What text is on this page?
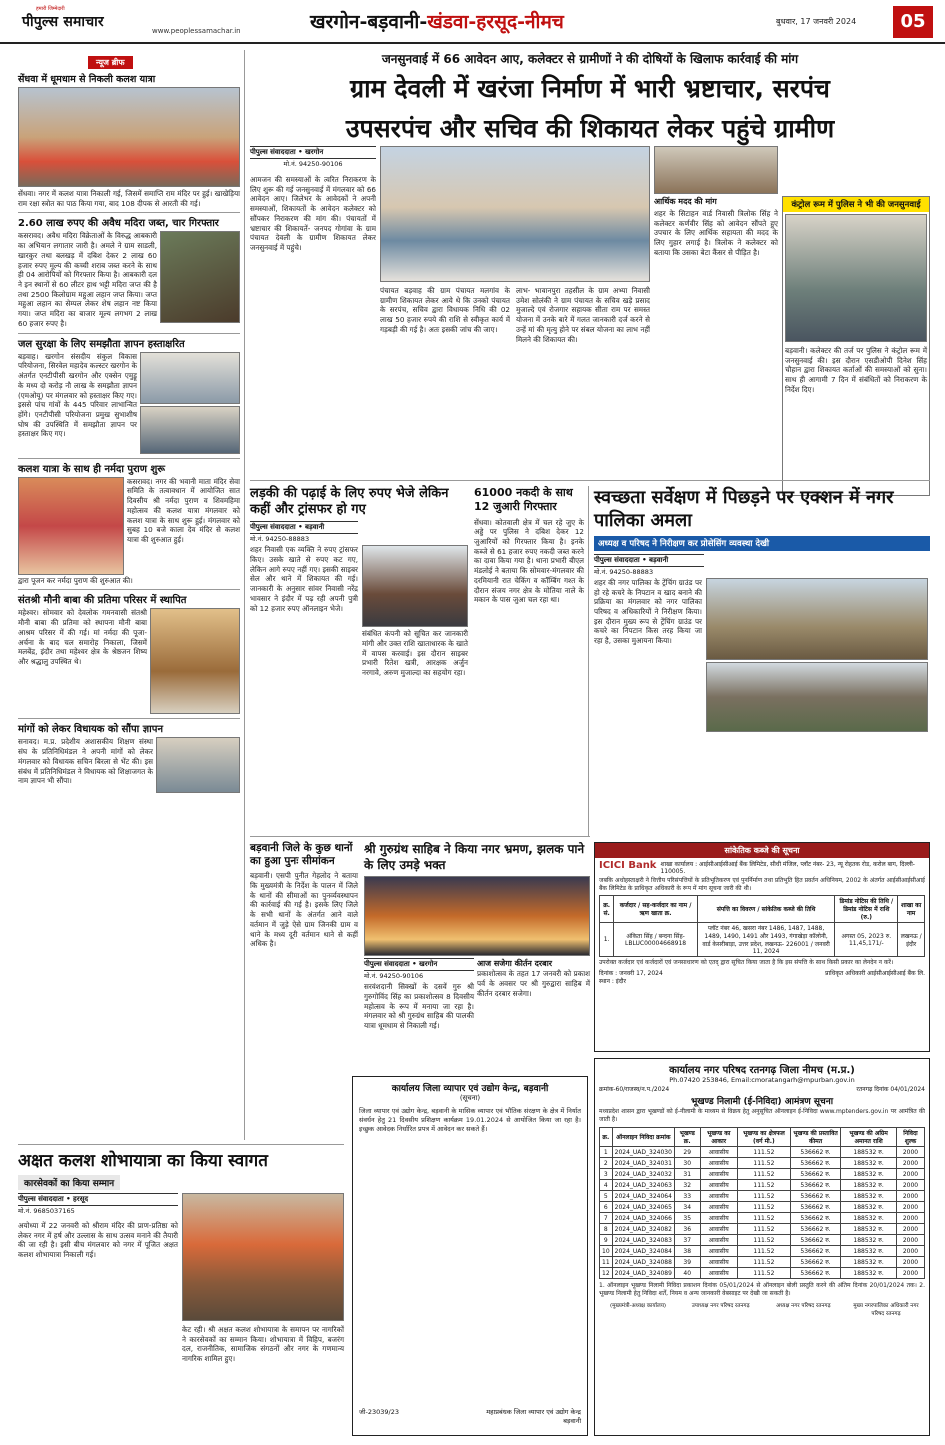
हमारी जिम्मेदारी
पीपुल्स समाचार
www.peoplessamachar.in	खरगोन-बड़वानी-खंडवा-हरसूद-नीमच	बुधवार, 17 जनवरी 2024	05
न्यूज ब्रीफ
सेंधवा में धूमधाम से निकली कलश यात्रा
सेंधवा। नगर में कलश यात्रा निकाली गई, जिसमें समाप्ति राम मंदिर पर हुई। खाखेड़िया राम रक्षा स्त्रोत का पाठ किया गया, बाद 108 दीपक से आरती की गई।
2.60 लाख रुपए की अवैध मदिरा जब्त, चार गिरफ्तार
कसरावद। अवैध मदिरा विक्रेताओं के विरुद्ध आबकारी का अभियान लगातार जारी है। अमले ने ग्राम साडली, खारकुर तथा बलखड़ में दबिश देकर 2 लाख 60 हजार रुपए मूल्य की कच्ची शराब जब्त करने के साथ ही 04 आरोपियों को गिरफ्तार किया है। आबकारी दल ने इन स्थानों से 60 लीटर हाथ भट्टी मदिरा जप्त की है तथा 2500 किलोग्राम महुआ लहान जप्त किया। जप्त महुआ लहान का सेम्पल लेकर शेष लहान नष्ट किया गया। जप्त मदिरा का बाजार मूल्य लगभग 2 लाख 60 हजार रुपए है।
जल सुरक्षा के लिए समझौता ज्ञापन हस्ताक्षरित
बड़वाह। खरगोन संसदीय संकुल विकास परियोजना, सिरवेल महादेव कल्स्टर खरगोन के अंतर्गत एनटीपीसी खरगोन और एक्सेन एमुड्रू के मध्य दो करोड़ नौ लाख के समझौता ज्ञापन (एमओयू) पर मंगलवार को हस्ताक्षर किए गए। इससे पांच गांवों के 445 परिवार लाभान्वित होंगे। एनटीपीसी परियोजना प्रमुख सुभाशीष घोष की उपस्थिति में समझौता ज्ञापन पर हस्ताक्षर किए गए।
कलश यात्रा के साथ ही नर्मदा पुराण शुरू
कसरावद। नगर की भवानी माता मंदिर सेवा समिति के तत्वावधान में आयोजित सात दिवसीय श्री नर्मदा पुराण व शिवमहिमा महोत्सव की कलश यात्रा मंगलवार को कलश यात्रा के साथ शुरू हुई। मंगलवार को सुबह 10 बजे काला देव मंदिर से कलश यात्रा की शुरुआत हुई।
द्वारा पूजन कर नर्मदा पुराण की शुरुआत की।
संतश्री मौनी बाबा की प्रतिमा परिसर में स्थापित
महेश्वर। सोमवार को देवलोक गमनवासी संतश्री मौनी बाबा की प्रतिमा को स्थापना मौनी बाबा आश्रम परिसर में की गई। मां नर्मदा की पूजा-अर्चना के बाद चल समारोह निकाला, जिसमें मलबेंद्र, इंदौर तथा महेश्वर क्षेत्र के श्रेष्ठजन शिष्य और श्रद्धालु उपस्थित थे।
मांगों को लेकर विधायक को सौंपा ज्ञापन
सनावद। म.प्र. प्रदेशीय अशासकीय शिक्षण संस्था संघ के प्रतिनिधिमंडल ने अपनी मांगों को लेकर मंगलवार को विधायक सचिन बिरला से भेंट की। इस संबंध में प्रतिनिधिमंडल ने विधायक को शिक्षाजगत के नाम ज्ञापन भी सौंपा।
जनसुनवाई में 66 आवेदन आए, कलेक्टर से ग्रामीणों ने की दोषियों के खिलाफ कार्रवाई की मांग
ग्राम देवली में खरंजा निर्माण में भारी भ्रष्टाचार, सरपंच
उपसरपंच और सचिव की शिकायत लेकर पहुंचे ग्रामीण
पीपुल्स संवाददाता • खरगोन
मो.नं. 94250-90106
आमजन की समस्याओं के त्वरित निराकरण के लिए शुरू की गई जनसुनवाई में मंगलवार को 66 आवेदन आए। जिलेभर के आवेदकों ने अपनी समस्याओं, शिकायतों के आवेदन कलेक्टर को सौंपकर निराकरण की मांग की। पंचायतों में भ्रष्टाचार की शिकायतें- जनपद गोगांवा के ग्राम पंचायत देवली के ग्रामीण शिकायत लेकर जनसुनवाई में पहुंचे।
पंचायत बड़वाह की ग्राम पंचायत मलगांव के ग्रामीण शिकायत लेकर आये थे कि उनको पंचायत के सरपंच, सचिव द्वारा विधायक निधि की 02 लाख 50 हजार रुपये की राशि से स्वीकृत कार्य में गड़बड़ी की गई है। अतः इसकी जांच की जाए।
लाभ- भावानपुरा तहसील के ग्राम अभ्या निवासी उमेश सोलंकी ने ग्राम पंचायत के सचिव खड़े प्रसाद मुजाल्दे एवं रोजगार सहायक सीता राम पर समस्त योजना में उनके बारे में गलत जानकारी दर्ज करने से उन्हें मां की मृत्यु होने पर संबल योजना का लाभ नहीं मिलने की शिकायत की।
आर्थिक मदद की मांग
शहर के सिटाहन वार्ड निवासी त्रिलोक सिंह ने कलेक्टर कर्णवीर सिंह को आवेदन सौंपते हुए उपचार के लिए आर्थिक सहायता की मदद के लिए गुहार लगाई है। त्रिलोक ने कलेक्टर को बताया कि उसका बेटा कैंसर से पीड़ित है।
कंट्रोल रूम में पुलिस ने भी की जनसुनवाई
बड़वानी। कलेक्टर की तर्ज पर पुलिस ने कंट्रोल रूम में जनसुनवाई की। इस दौरान एसडीओपी दिनेश सिंह चौहान द्वारा शिकायत कर्ताओं की समस्याओं को सुना। साथ ही आगामी 7 दिन में संबंधितों को निराकरण के निर्देश दिए।
लड़की की पढ़ाई के लिए रुपए भेजे लेकिन कहीं और ट्रांसफर हो गए
पीपुल्स संवाददाता • बड़वानी
मो.नं. 94250-88883
शहर निवासी एक व्यक्ति ने रुपए ट्रांसफर किए। उसके खाते से रुपए कट गए, लेकिन आगे रुपए नहीं गए। इसकी साइबर सेल और थाने में शिकायत की गई। जानकारी के अनुसार सांवर निवासी नरेंद्र भावसार ने इंदौर में पढ़ रही अपनी पुत्री को 12 हजार रुपए ऑनलाइन भेजे।
संबंधित कंपनी को सूचित कर जानकारी मांगी और उक्त राशि खाताधारक के खाते में वापस करवाई। इस दौरान साइबर प्रभारी रितेश खत्री, आरक्षक अर्जुन नरगावे, अरुण मुजाल्दा का सहयोग रहा।
61000 नकदी के साथ 12 जुआरी गिरफ्तार
सेंधवा। कोतवाली क्षेत्र में चल रहे जुए के अड्डे पर पुलिस ने दबिश देकर 12 जुआरियों को गिरफ्तार किया है। इनके कब्जे से 61 हजार रुपए नकदी जब्त करने का दावा किया गया है। थाना प्रभारी बीएल मंडलोई ने बताया कि सोमवार-मंगलवार की दरमियानी रात चेकिंग व कॉम्बिंग गश्त के दौरान संजय नगर क्षेत्र के मोतिया नाले के मकान के पास जुआ चल रहा था।
स्वच्छता सर्वेक्षण में पिछड़ने पर एक्शन में नगर पालिका अमला
अध्यक्ष व परिषद ने निरीक्षण कर प्रोसेसिंग व्यवस्था देखी
पीपुल्स संवाददाता • बड़वानी
मो.नं. 94250-88883
शहर की नगर पालिका के ट्रेंचिंग ग्राउंड पर हो रहे कचरे के निपटान व खाद बनाने की प्रक्रिया का मंगलवार को नगर पालिका परिषद व अधिकारियों ने निरीक्षण किया। इस दौरान मुख्य रूप से ट्रेंचिंग ग्राउंड पर कचरे का निपटान किस तरह किया जा रहा है, उसका मुआयना किया।
बड़वानी जिले के कुछ थानों का हुआ पुनः सीमांकन
बड़वानी। एसपी पुनीत गेहलोद ने बताया कि मुख्यमंत्री के निर्देश के पालन में जिले के थानों की सीमाओं का पुनर्व्यवस्थापन की कार्रवाई की गई है। इसके लिए जिले के सभी थानों के अंतर्गत आने वाले वर्तमान में जुड़े ऐसे ग्राम जिनकी ग्राम व थाने के मध्य दूरी वर्तमान थाने से कहीं अधिक है।
श्री गुरुग्रंथ साहिब ने किया नगर भ्रमण, झलक पाने के लिए उमड़े भक्त
पीपुल्स संवाददाता • खरगोन
मो.नं. 94250-90106
सरवंशदानी सिक्खों के दसवें गुरु श्री गुरुगोविंद सिंह का प्रकाशोत्सव 8 दिवसीय महोत्सव के रूप में मनाया जा रहा है। मंगलवार को श्री गुरुग्रंथ साहिब की पालकी यात्रा धूमधाम से निकाली गई।
आज सजेगा कीर्तन दरबार
प्रकाशोत्सव के तहत 17 जनवरी को प्रकाश पर्व के अवसर पर श्री गुरुद्वारा साहिब में कीर्तन दरबार सजेगा।
सांकेतिक कब्जे की सूचना
ICICI Bank शाखा कार्यालय : आईसीआईसीआई बैंक लिमिटेड, सीधी मंजिल, प्लॉट नंबर- 23, न्यू रोहतक रोड, करोल बाग, दिल्ली- 110005.
जबकि अधोहस्ताक्षरी ने वित्तीय परिसंपत्तियों के प्रतिभूतिकरण एवं पुनर्निर्माण तथा प्रतिभूति हित प्रवर्तन अधिनियम, 2002 के अंतर्गत आईसीआईसीआई बैंक लिमिटेड के प्राधिकृत अधिकारी के रूप में मांग सूचना जारी की थी।
क्र. सं.	कर्जदार / सह-कर्जदार का नाम / ऋण खाता क्र.	संपत्ति का विवरण / सांकेतिक कब्जे की तिथि	डिमांड नोटिस की तिथि / डिमांड नोटिस में राशि (रु.)	शाखा का नाम
1.	अंकिता सिंह / बन्दना सिंह- LBLUC00004668918	प्लॉट नंबर 46, खसरा नंबर 1486, 1487, 1488, 1489, 1490, 1491 और 1493, गंगाखेड़ा कॉलोनी, वार्ड केसरीबाड़ा, उत्तर प्रदेश, लखनऊ- 226001 / जनवरी 11, 2024	अगस्त 05, 2023 रु. 11,45,171/-	लखनऊ / इंदौर
उपरोक्त कर्जदार एवं कर्जदारों एवं जनसाधारण को एतद् द्वारा सूचित किया जाता है कि इस संपत्ति के साथ किसी प्रकार का लेनदेन न करें।
दिनांक : जनवरी 17, 2024
स्थान : इंदौर
प्राधिकृत अधिकारी आईसीआईसीआई बैंक लि.
कार्यालय नगर परिषद रतनगढ़ जिला नीमच (म.प्र.)
Ph.07420 253846, Email:cmoratangarh@mpurban.gov.in
क्रमांक-60/राजस्व/न.प./2024	रतनगढ़ दिनांक 04/01/2024
भूखण्ड निलामी (ई-निविदा) आमंत्रण सूचना
मध्यप्रदेश शासन द्वारा भूखण्डों को ई-नीलामी के माध्यम से विक्रय हेतु अनुसूचित ऑनलाइन ई-निविदा www.mptenders.gov.in पर आमंत्रित की जाती है।
क्र.	ऑनलाइन निविदा क्रमांक	भूखण्ड क्र.	भूखण्ड का आकार	भूखण्ड का क्षेत्रफल (वर्ग मी.)	भूखण्ड की प्रस्तावित कीमत	भूखण्ड की अग्रिम अमानत राशि	निविदा शुल्क
1	2024_UAD_324030	29	आवासीय	111.52	536662 रु.	188532 रु.	2000
2	2024_UAD_324031	30	आवासीय	111.52	536662 रु.	188532 रु.	2000
3	2024_UAD_324032	31	आवासीय	111.52	536662 रु.	188532 रु.	2000
4	2024_UAD_324063	32	आवासीय	111.52	536662 रु.	188532 रु.	2000
5	2024_UAD_324064	33	आवासीय	111.52	536662 रु.	188532 रु.	2000
6	2024_UAD_324065	34	आवासीय	111.52	536662 रु.	188532 रु.	2000
7	2024_UAD_324066	35	आवासीय	111.52	536662 रु.	188532 रु.	2000
8	2024_UAD_324082	36	आवासीय	111.52	536662 रु.	188532 रु.	2000
9	2024_UAD_324083	37	आवासीय	111.52	536662 रु.	188532 रु.	2000
10	2024_UAD_324084	38	आवासीय	111.52	536662 रु.	188532 रु.	2000
11	2024_UAD_324088	39	आवासीय	111.52	536662 रु.	188532 रु.	2000
12	2024_UAD_324089	40	आवासीय	111.52	536662 रु.	188532 रु.	2000
1. ऑनलाइन भूखण्ड निलामी निविदा प्रकाशन दिनांक 05/01/2024 से ऑनलाइन बोली प्रस्तुति करने की अंतिम दिनांक 20/01/2024 तक। 2. भूखण्ड निलामी हेतु निविदा शर्तें, नियम व अन्य जानकारी वेबसाइट पर देखी जा सकती है।
(मुख्यमंत्री-अध्यक्ष कार्यालय)	उपाध्यक्ष नगर परिषद रतनगढ़	अध्यक्ष नगर परिषद रतनगढ़	मुख्य नगरपालिका अधिकारी नगर परिषद रतनगढ़
अक्षत कलश शोभायात्रा का किया स्वागत
कारसेवकों का किया सम्मान
पीपुल्स संवाददाता • हरसूद
मो.नं. 9685037165
अयोध्या में 22 जनवरी को श्रीराम मंदिर की प्राण-प्रतिष्ठा को लेकर नगर में हर्ष और उल्लास के साथ उत्सव मनाने की तैयारी की जा रही है। इसी बीच मंगलवार को नगर में पूजित अक्षत कलश शोभायात्रा निकाली गई।
केट रही। श्री अक्षत कलश शोभायात्रा के समापन पर नागरिकों ने कारसेवकों का सम्मान किया। शोभायात्रा में विहिप, बजरंग दल, राजनीतिक, सामाजिक संगठनों और नगर के गणमान्य नागरिक शामिल हुए।
कार्यालय जिला व्यापार एवं उद्योग केन्द्र, बड़वानी
(सूचना)
जिला व्यापार एवं उद्योग केन्द्र, बड़वानी के मासिक व्यापार एवं भौतिक संरक्षण के क्षेत्र में निर्यात संवर्धन हेतु 21 दिवसीय प्रशिक्षण कार्यक्रम 19.01.2024 से आयोजित किया जा रहा है। इच्छुक आवेदक निर्धारित प्रपत्र में आवेदन कर सकते हैं।
जी-23039/23	महाप्रबंधक जिला व्यापार एवं उद्योग केन्द्र बड़वानी
